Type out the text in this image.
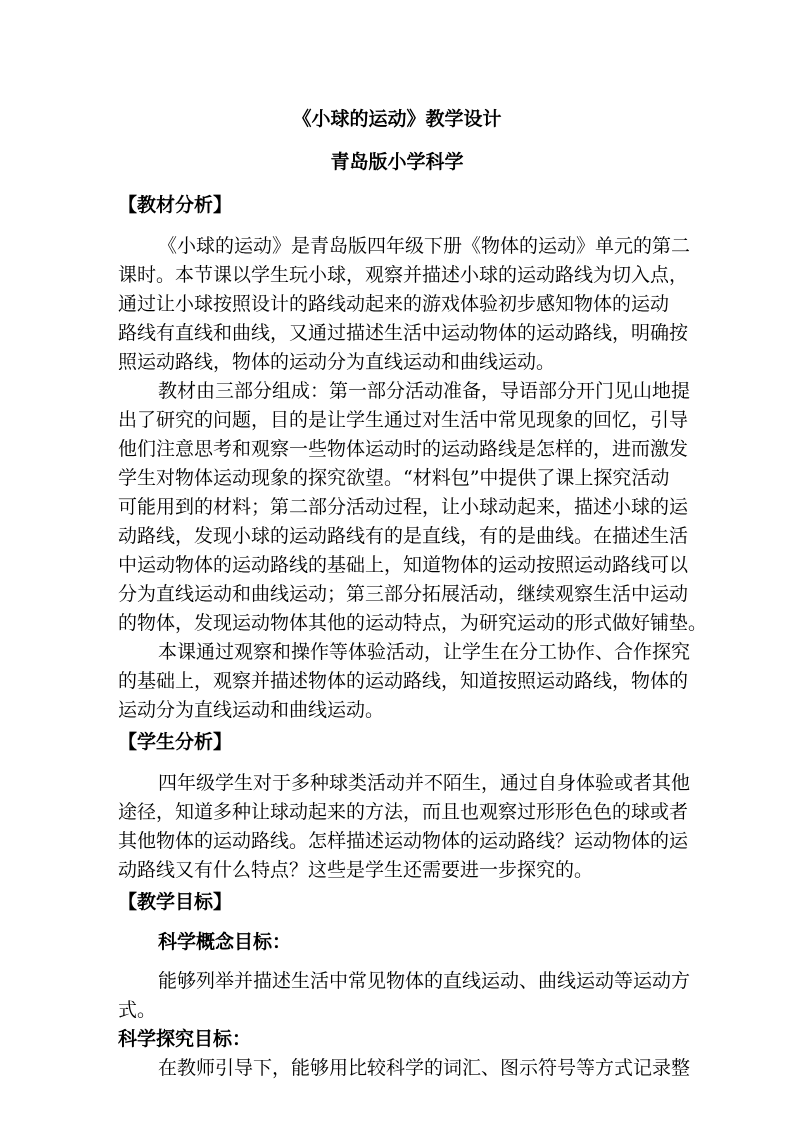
《小球的运动》教学设计
青岛版小学科学
【教材分析】
《小球的运动》是青岛版四年级下册《物体的运动》单元的第二
课时。本节课以学生玩小球，观察并描述小球的运动路线为切入点，
通过让小球按照设计的路线动起来的游戏体验初步感知物体的运动
路线有直线和曲线，又通过描述生活中运动物体的运动路线，明确按
照运动路线，物体的运动分为直线运动和曲线运动。
教材由三部分组成：第一部分活动准备，导语部分开门见山地提
出了研究的问题，目的是让学生通过对生活中常见现象的回忆，引导
他们注意思考和观察一些物体运动时的运动路线是怎样的，进而激发
学生对物体运动现象的探究欲望。“材料包”中提供了课上探究活动
可能用到的材料；第二部分活动过程，让小球动起来，描述小球的运
动路线，发现小球的运动路线有的是直线，有的是曲线。在描述生活
中运动物体的运动路线的基础上，知道物体的运动按照运动路线可以
分为直线运动和曲线运动；第三部分拓展活动，继续观察生活中运动
的物体，发现运动物体其他的运动特点，为研究运动的形式做好铺垫。
本课通过观察和操作等体验活动，让学生在分工协作、合作探究
的基础上，观察并描述物体的运动路线，知道按照运动路线，物体的
运动分为直线运动和曲线运动。
【学生分析】
四年级学生对于多种球类活动并不陌生，通过自身体验或者其他
途径，知道多种让球动起来的方法，而且也观察过形形色色的球或者
其他物体的运动路线。怎样描述运动物体的运动路线？运动物体的运
动路线又有什么特点？这些是学生还需要进一步探究的。
【教学目标】
科学概念目标：
能够列举并描述生活中常见物体的直线运动、曲线运动等运动方
式。
科学探究目标：
在教师引导下，能够用比较科学的词汇、图示符号等方式记录整
